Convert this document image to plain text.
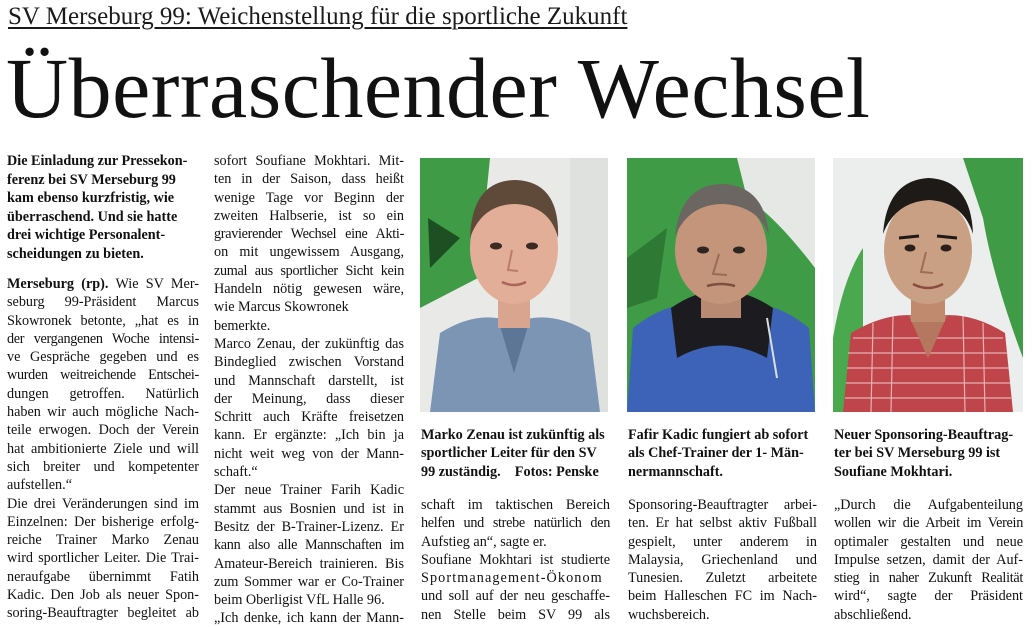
SV Merseburg 99: Weichenstellung für die sportliche Zukunft
Überraschender Wechsel

Die Einladung zur Pressekon-

ferenz bei SV Merseburg 99

kam ebenso kurzfristig, wie

überraschend. Und sie hatte

drei wichtige Personalent-

scheidungen zu bieten.

Merseburg (rp). Wie SV Mer-

seburg 99-Präsident Marcus

Skowronek betonte, „hat es in

der vergangenen Woche intensi-

ve Gespräche gegeben und es

wurden weitreichende Entschei-

dungen getroffen. Natürlich

haben wir auch mögliche Nach-

teile erwogen. Doch der Verein

hat ambitionierte Ziele und will

sich breiter und kompetenter

aufstellen.“

Die drei Veränderungen sind im

Einzelnen: Der bisherige erfolg-

reiche Trainer Marko Zenau

wird sportlicher Leiter. Die Trai-

neraufgabe übernimmt Fatih

Kadic. Den Job als neuer Spon-

soring-Beauftragter begleitet ab

sofort Soufiane Mokhtari. Mit-

ten in der Saison, dass heißt

wenige Tage vor Beginn der

zweiten Halbserie, ist so ein

gravierender Wechsel eine Akti-

on mit ungewissem Ausgang,

zumal aus sportlicher Sicht kein

Handeln nötig gewesen wäre,

wie Marcus Skowronek

bemerkte.

Marco Zenau, der zukünftig das

Bindeglied zwischen Vorstand

und Mannschaft darstellt, ist

der Meinung, dass dieser

Schritt auch Kräfte freisetzen

kann. Er ergänzte: „Ich bin ja

nicht weit weg von der Mann-

schaft.“

Der neue Trainer Farih Kadic

stammt aus Bosnien und ist in

Besitz der B-Trainer-Lizenz. Er

kann also alle Mannschaften im

Amateur-Bereich trainieren. Bis

zum Sommer war er Co-Trainer

beim Oberligist VfL Halle 96.

„Ich denke, ich kann der Mann-

Marko Zenau ist zukünftig als

sportlicher Leiter für den SV

99 zuständig.    Fotos: Penske

Fafir Kadic fungiert ab sofort

als Chef-Trainer der 1- Män-

nermannschaft.

Neuer Sponsoring-Beauftrag-

ter bei SV Merseburg 99 ist

Soufiane Mokhtari.

schaft im taktischen Bereich

helfen und strebe natürlich den

Aufstieg an“, sagte er.

Soufiane Mokhtari ist studierte

Sportmanagement-Ökonom

und soll auf der neu geschaffe-

nen Stelle beim SV 99 als

Sponsoring-Beauftragter arbei-

ten. Er hat selbst aktiv Fußball

gespielt, unter anderem in

Malaysia, Griechenland und

Tunesien. Zuletzt arbeitete

beim Halleschen FC im Nach-

wuchsbereich.

„Durch die Aufgabenteilung

wollen wir die Arbeit im Verein

optimaler gestalten und neue

Impulse setzen, damit der Auf-

stieg in naher Zukunft Realität

wird“, sagte der Präsident

abschließend.
